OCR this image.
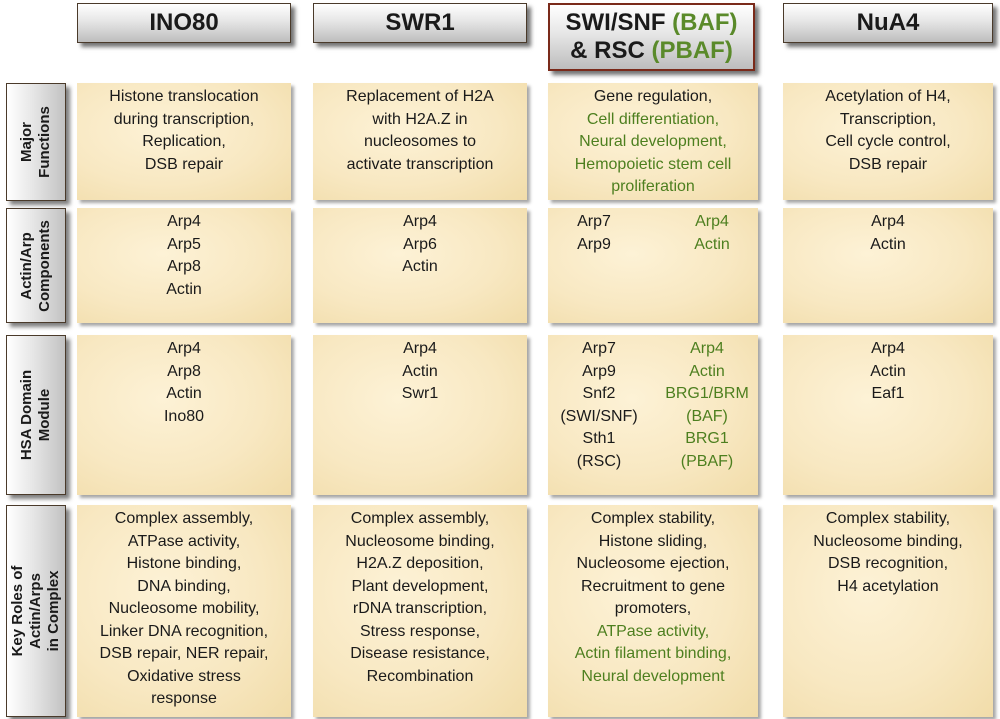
INO80	SWR1	SWI/SNF (BAF)
& RSC (PBAF)
NuA4
Major Functions
Actin/Arp Components
HSA Domain Module
Key Roles of Actin/Arps in Complex
Histone translocation
during transcription,
Replication,
DSB repair
Replacement of H2A
with H2A.Z in
nucleosomes to
activate transcription
Gene regulation,
Cell differentiation,
Neural development,
Hemopoietic stem cell
proliferation
Acetylation of H4,
Transcription,
Cell cycle control,
DSB repair
Arp4
Arp5
Arp8
Actin
Arp4
Arp6
Actin
Arp7
Arp9
Arp4
Actin
Arp4
Actin
Arp4
Arp8
Actin
Ino80
Arp4
Actin
Swr1
Arp7
Arp9
Snf2
(SWI/SNF)
Sth1
(RSC)
Arp4
Actin
BRG1/BRM
(BAF)
BRG1
(PBAF)
Arp4
Actin
Eaf1
Complex assembly,
ATPase activity,
Histone binding,
DNA binding,
Nucleosome mobility,
Linker DNA recognition,
DSB repair, NER repair,
Oxidative stress
response
Complex assembly,
Nucleosome binding,
H2A.Z deposition,
Plant development,
rDNA transcription,
Stress response,
Disease resistance,
Recombination
Complex stability,
Histone sliding,
Nucleosome ejection,
Recruitment to gene
promoters,
ATPase activity,
Actin filament binding,
Neural development
Complex stability,
Nucleosome binding,
DSB recognition,
H4 acetylation
